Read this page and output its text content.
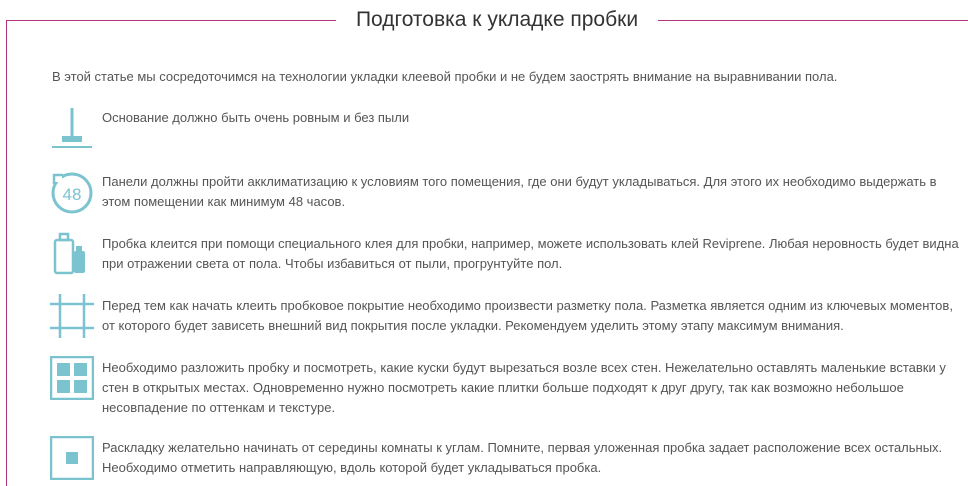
Подготовка к укладке пробки

В этой статье мы сосредоточимся на технологии укладки клеевой пробки и не будем заострять внимание на выравнивании пола.

Основание должно быть очень ровным и без пыли
48
Панели должны пройти акклиматизацию к условиям того помещения, где они будут укладываться. Для этого их необходимо выдержать в этом помещении как минимум 48 часов.
Пробка клеится при помощи специального клея для пробки, например, можете использовать клей Reviprene. Любая неровность будет видна при отражении света от пола. Чтобы избавиться от пыли, прогрунтуйте пол.
Перед тем как начать клеить пробковое покрытие необходимо произвести разметку пола. Разметка является одним из ключевых моментов, от которого будет зависеть внешний вид покрытия после укладки. Рекомендуем уделить этому этапу максимум внимания.
Необходимо разложить пробку и посмотреть, какие куски будут вырезаться возле всех стен. Нежелательно оставлять маленькие вставки у стен в открытых местах. Одновременно нужно посмотреть какие плитки больше подходят к друг другу, так как возможно небольшое несовпадение по оттенкам и текстуре.
Раскладку желательно начинать от середины комнаты к углам. Помните, первая уложенная пробка задает расположение всех остальных. Необходимо отметить направляющую, вдоль которой будет укладываться пробка.
